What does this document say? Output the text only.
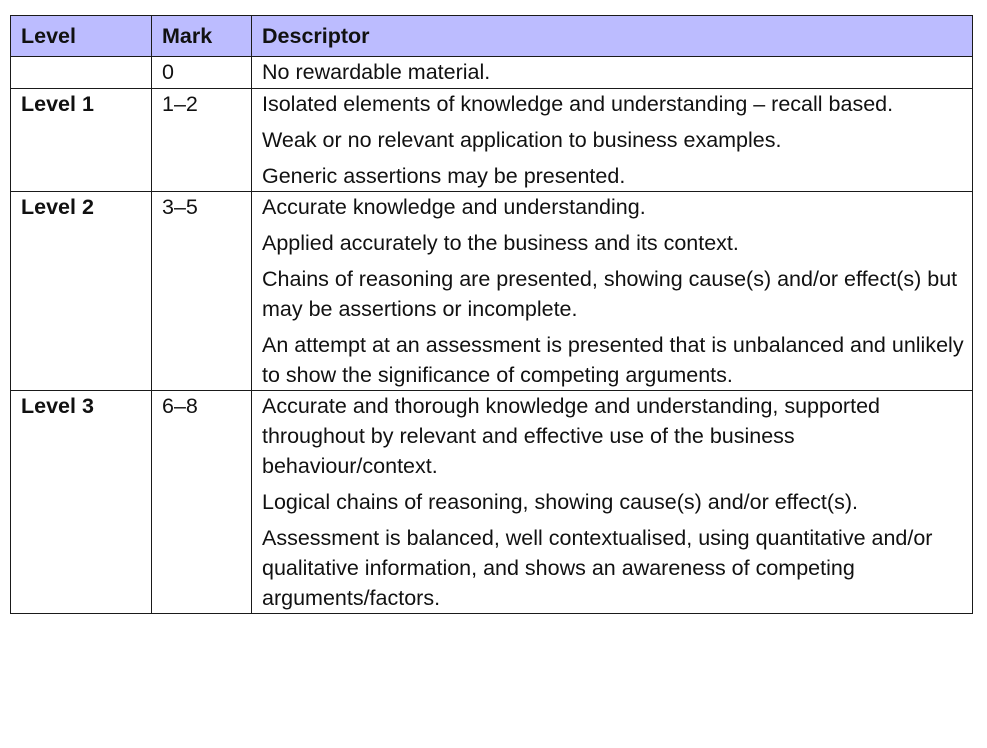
Level	Mark	Descriptor
	0	No rewardable material.

Level 1	1–2	Isolated elements of knowledge and understanding – recall based.

Weak or no relevant application to business examples.

Generic assertions may be presented.

Level 2	3–5	Accurate knowledge and understanding.

Applied accurately to the business and its context.

Chains of reasoning are presented, showing cause(s) and/or effect(s) but may be assertions or incomplete.

An attempt at an assessment is presented that is unbalanced and unlikely to show the significance of competing arguments.

Level 3	6–8	Accurate and thorough knowledge and understanding, supported throughout by relevant and effective use of the business behaviour/context.

Logical chains of reasoning, showing cause(s) and/or effect(s).

Assessment is balanced, well contextualised, using quantitative and/or qualitative information, and shows an awareness of competing arguments/factors.
